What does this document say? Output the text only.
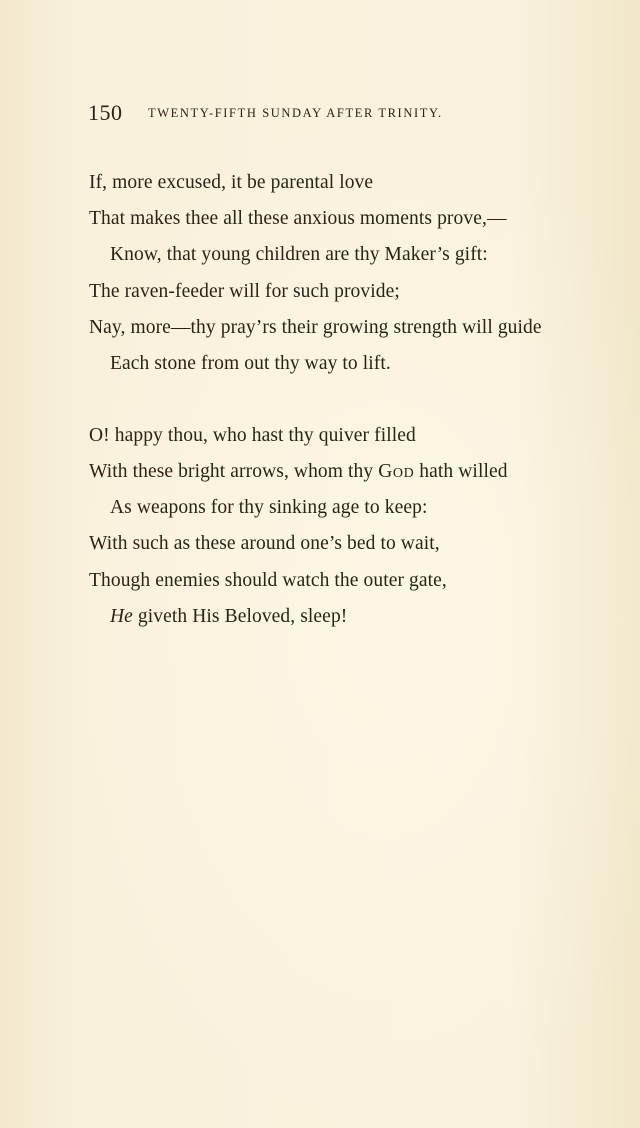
150 TWENTY-FIFTH SUNDAY AFTER TRINITY.
If, more excused, it be parental love
That makes thee all these anxious moments prove,—
Know, that young children are thy Maker’s gift:
The raven-feeder will for such provide;
Nay, more—thy pray’rs their growing strength will guide
Each stone from out thy way to lift.
O! happy thou, who hast thy quiver filled
With these bright arrows, whom thy God hath willed
As weapons for thy sinking age to keep:
With such as these around one’s bed to wait,
Though enemies should watch the outer gate,
He giveth His Beloved, sleep!
